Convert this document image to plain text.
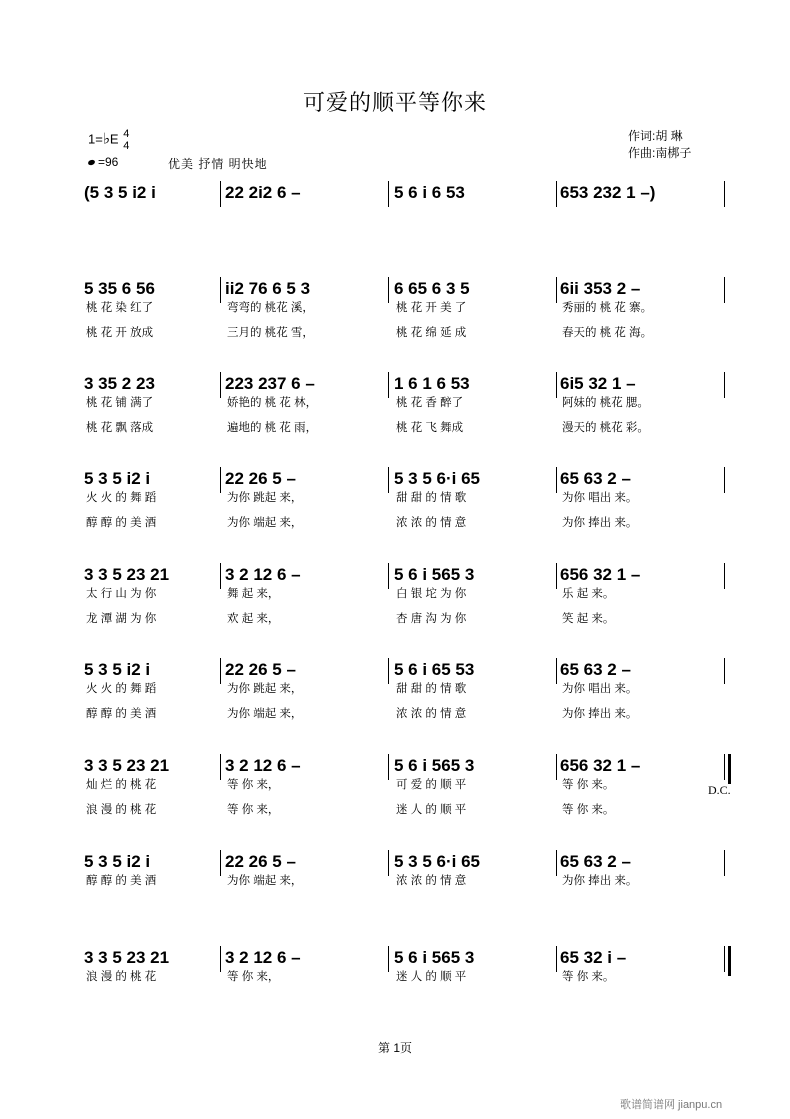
可爱的顺平等你来
1=♭E 4
4
=96	优美 抒情 明快地
作词:胡 琳
作曲:南梆子
(5 3 5 i2 i	22 2i2 6 –	5 6 i 6 53	653 232 1 –)
5 35 6 56	ii2 76 6 5 3	6 65 6 3 5	6ii 353 2 –
桃 花 染 红了	弯弯的 桃花 溪，	桃 花 开 美 了	秀丽的 桃 花 寨。
桃 花 开 放成	三月的 桃花 雪，	桃 花 绵 延 成	春天的 桃 花 海。
3 35 2 23	223 237 6 –	1 6 1 6 53	6i5 32 1 –
桃 花 铺 满了	娇艳的 桃 花 林，	桃 花 香 醉了	阿妹的 桃花 腮。
桃 花 飘 落成	遍地的 桃 花 雨，	桃 花 飞 舞成	漫天的 桃花 彩。
5 3 5 i2 i	22 26 5 –	5 3 5 6·i 65	65 63 2 –
火 火 的 舞 蹈	为你 跳起 来，	甜 甜 的 情 歌	为你 唱出 来。
醇 醇 的 美 酒	为你 端起 来，	浓 浓 的 情 意	为你 捧出 来。
3 3 5 23 21	3 2 12 6 –	5 6 i 565 3	656 32 1 –
太 行 山 为 你	舞 起 来，	白 银 坨 为 你	乐 起 来。
龙 潭 湖 为 你	欢 起 来，	杏 唐 沟 为 你	笑 起 来。
5 3 5 i2 i	22 26 5 –	5 6 i 65 53	65 63 2 –
火 火 的 舞 蹈	为你 跳起 来，	甜 甜 的 情 歌	为你 唱出 来。
醇 醇 的 美 酒	为你 端起 来，	浓 浓 的 情 意	为你 捧出 来。
3 3 5 23 21	3 2 12 6 –	5 6 i 565 3	656 32 1 –
灿 烂 的 桃 花	等 你 来，	可 爱 的 顺 平	等 你 来。
浪 漫 的 桃 花	等 你 来，	迷 人 的 顺 平	等 你 来。
D.C.
5 3 5 i2 i	22 26 5 –	5 3 5 6·i 65	65 63 2 –
醇 醇 的 美 酒	为你 端起 来，	浓 浓 的 情 意	为你 捧出 来。
3 3 5 23 21	3 2 12 6 –	5 6 i 565 3	65 32 i –
浪 漫 的 桃 花	等 你 来，	迷 人 的 顺 平	等 你 来。
第 1页
歌谱简谱网 jianpu.cn
